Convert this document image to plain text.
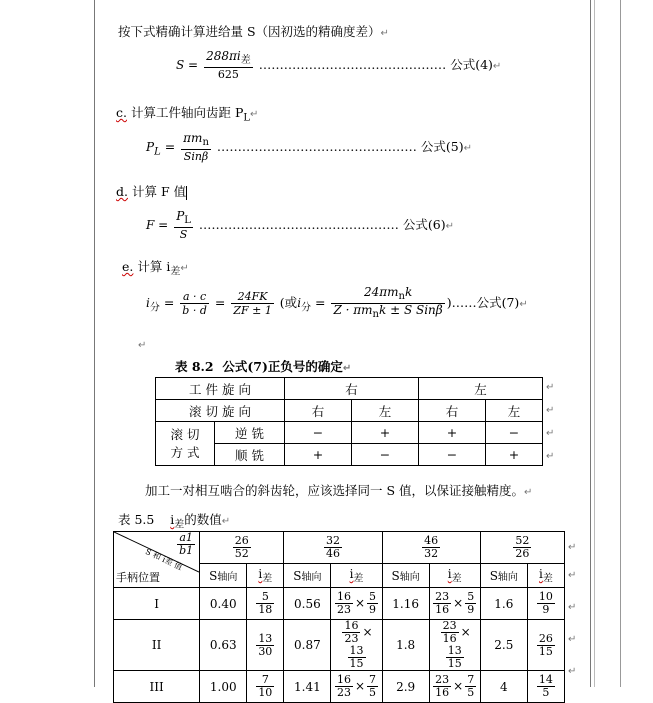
按下式精确计算进给量 S（因初选的精确度差）↵
$S = \frac{288\pi i_差}{625}$ ……………………………………… 公式(4)↵
c. 计算工件轴向齿距 $P_L↵$
$P_L = \frac{\pi m_n}{\text{Sinβ}}$ ………………………………………… 公式(5)↵
d. 计算 F 值
$F = \frac{P_L}{S}$ ………………………………………… 公式(6)↵
e. 计算 $i_差↵$
$i_分 = \frac{a \cdot c}{b \cdot d} = \frac{24FK}{ZF \pm 1}$ (或$i_分 = \frac{24\pi m_nk}{Z \cdot \pi m_nk \pm S Sin\beta}$ )……公式(7)↵
↵
表 8.2 公式(7)正负号的确定↵
工 件 旋 向		右		左	
滚 切 旋 向		右	左	右	左
滚 切
方 式	逆 铣	−	+	+	−
	顺 铣	+	−	−	+
加工一对相互啮合的斜齿轮，应该选择同一 S 值，以保证接触精度。↵
表 5.5 $i_差$的数值↵
$\frac{a1}{b1}$
S 和 i差 值
手柄位置	$\frac{26}{52}$		$\frac{32}{46}$		$\frac{46}{32}$		$\frac{52}{26}$

	S轴向	$i_差$	S轴向	$i_差$	S轴向	$i_差$	S轴向	$i_差$
I	0.40	$\frac{5}{18}$	0.56	$\frac{16}{23} \times \frac{5}{9}$	1.16	$\frac{23}{16} \times \frac{5}{9}$	1.6	$\frac{10}{9}$

II	0.63	$\frac{13}{30}$	0.87	$\frac{16}{23}$ ×
$\frac{13}{15}$	1.8	$\frac{23}{16}$ ×
$\frac{13}{15}$	2.5	$\frac{26}{15}$

III	1.00	$\frac{7}{10}$	1.41	$\frac{16}{23} \times \frac{7}{5}$	2.9	$\frac{23}{16} \times \frac{7}{5}$	4	$\frac{14}{5}$
↵
↵
↵
↵
↵
↵
↵
↵
↵
